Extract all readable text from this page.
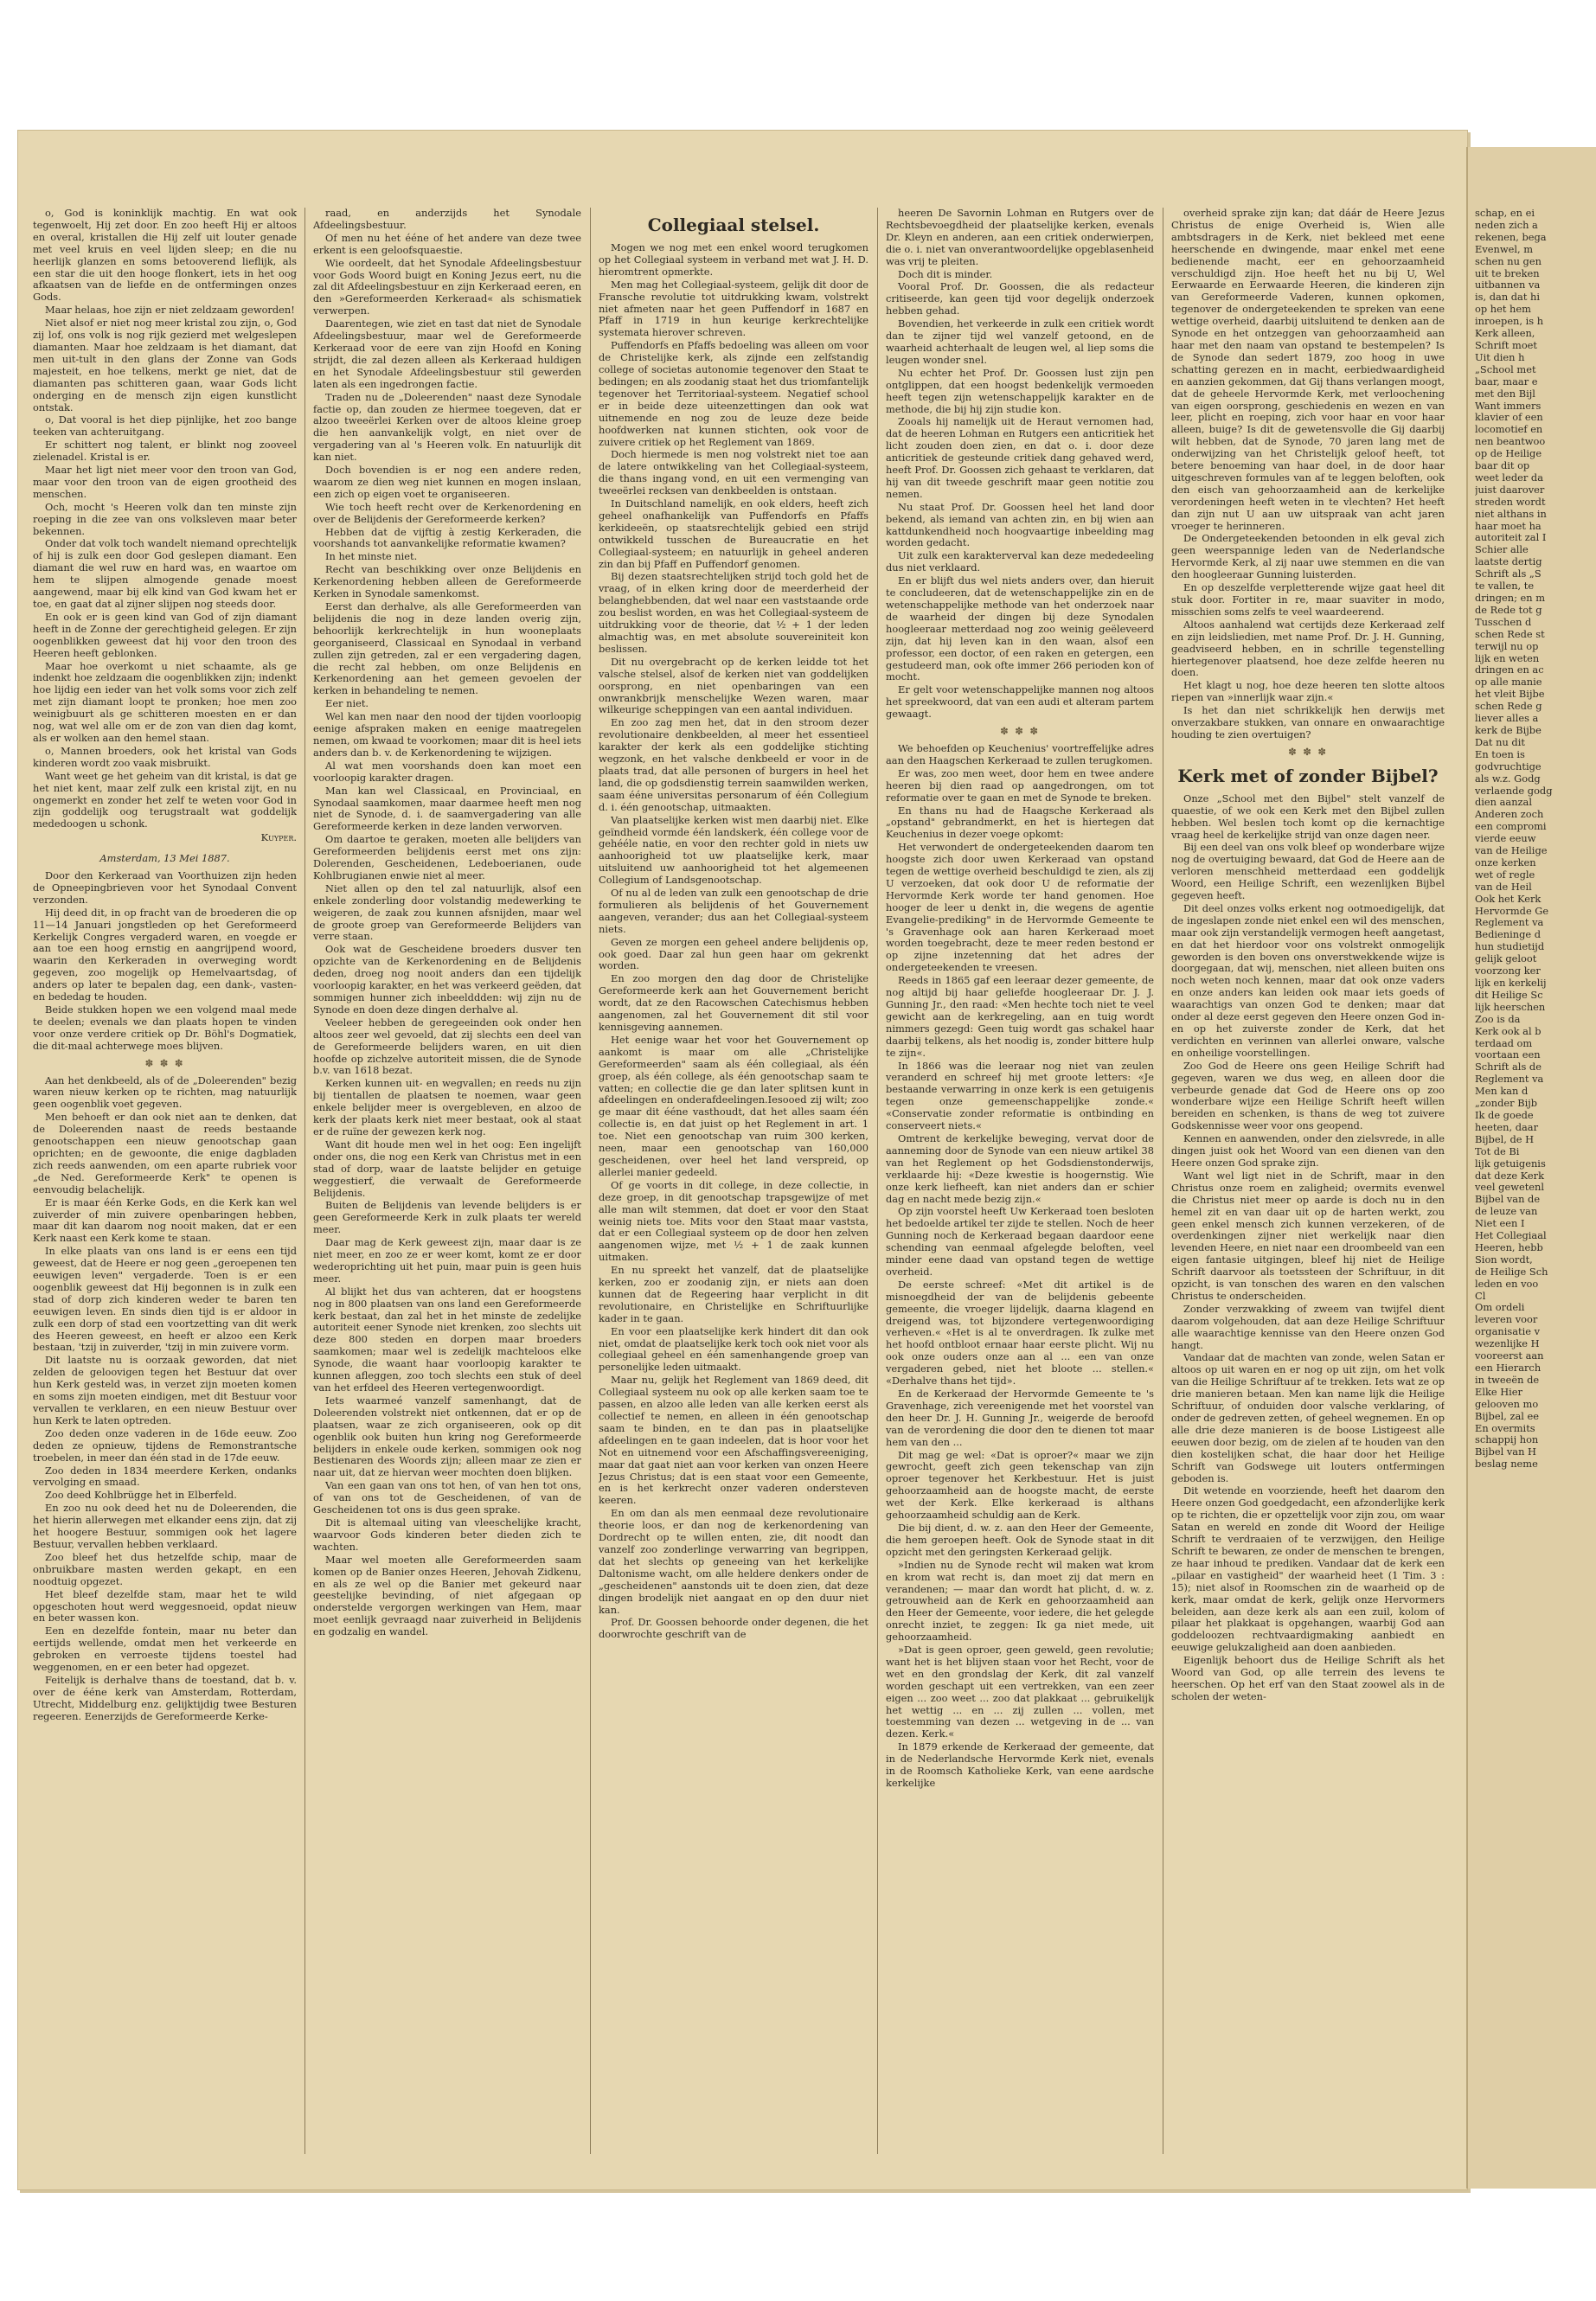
o, God is koninklijk machtig. En wat ook tegenwoelt, Hij zet door. En zoo heeft Hij er altoos en overal, kristallen die Hij zelf uit louter genade met veel kruis en veel lijden sleep; en die nu heerlijk glanzen en soms betooverend lieflijk, als een star die uit den hooge flonkert, iets in het oog afkaatsen van de liefde en de ontfermingen onzes Gods.

Maar helaas, hoe zijn er niet zeldzaam geworden!

Niet alsof er niet nog meer kristal zou zijn, o, God zij lof, ons volk is nog rijk gezierd met welgeslepen diamanten. Maar hoe zeldzaam is het diamant, dat men uit-tult in den glans der Zonne van Gods majesteit, en hoe telkens, merkt ge niet, dat de diamanten pas schitteren gaan, waar Gods licht onderging en de mensch zijn eigen kunstlicht ontstak.

o, Dat vooral is het diep pijnlijke, het zoo bange teeken van achteruitgang.

Er schittert nog talent, er blinkt nog zooveel zielenadel. Kristal is er.

Maar het ligt niet meer voor den troon van God, maar voor den troon van de eigen grootheid des menschen.

Och, mocht 's Heeren volk dan ten minste zijn roeping in die zee van ons volksleven maar beter bekennen.

Onder dat volk toch wandelt niemand oprechtelijk of hij is zulk een door God geslepen diamant. Een diamant die wel ruw en hard was, en waartoe om hem te slijpen almogende genade moest aangewend, maar bij elk kind van God kwam het er toe, en gaat dat al zijner slijpen nog steeds door.

En ook er is geen kind van God of zijn diamant heeft in de Zonne der gerechtigheid gelegen. Er zijn oogenblikken geweest dat hij voor den troon des Heeren heeft geblonken.

Maar hoe overkomt u niet schaamte, als ge indenkt hoe zeldzaam die oogenblikken zijn; indenkt hoe lijdig een ieder van het volk soms voor zich zelf met zijn diamant loopt te pronken; hoe men zoo weinigbuurt als ge schitteren moesten en er dan nog, wat wel alle om er de zon van dien dag komt, als er wolken aan den hemel staan.

o, Mannen broeders, ook het kristal van Gods kinderen wordt zoo vaak misbruikt.

Want weet ge het geheim van dit kristal, is dat ge het niet kent, maar zelf zulk een kristal zijt, en nu ongemerkt en zonder het zelf te weten voor God in zijn goddelijk oog terugstraalt wat goddelijk mededoogen u schonk.

Kuyper.

Amsterdam, 13 Mei 1887.

Door den Kerkeraad van Voorthuizen zijn heden de Opneepingbrieven voor het Synodaal Convent verzonden.

Hij deed dit, in op fracht van de broederen die op 11—14 Januari jongstleden op het Gereformeerd Kerkelijk Congres vergaderd waren, en voegde er aan toe een hoog ernstig en aangrijpend woord, waarin den Kerkeraden in overweging wordt gegeven, zoo mogelijk op Hemelvaartsdag, of anders op later te bepalen dag, een dank-, vasten- en bededag te houden.

Beide stukken hopen we een volgend maal mede te deelen; evenals we dan plaats hopen te vinden voor onze verdere critiek op Dr. Böhl's Dogmatiek, die dit-maal achterwege moes blijven.

✽ ✽ ✽

Aan het denkbeeld, als of de „Doleerenden" bezig waren nieuw kerken op te richten, mag natuurlijk geen oogenblik voet gegeven.

Men behoeft er dan ook niet aan te denken, dat de Doleerenden naast de reeds bestaande genootschappen een nieuw genootschap gaan oprichten; en de gewoonte, die enige dagbladen zich reeds aanwenden, om een aparte rubriek voor „de Ned. Gereformeerde Kerk" te openen is eenvoudig belachelijk.

Er is maar één Kerke Gods, en die Kerk kan wel zuiverder of min zuivere openbaringen hebben, maar dit kan daarom nog nooit maken, dat er een Kerk naast een Kerk kome te staan.

In elke plaats van ons land is er eens een tijd geweest, dat de Heere er nog geen „geroepenen ten eeuwigen leven" vergaderde. Toen is er een oogenblik geweest dat Hij begonnen is in zulk een stad of dorp zich kinderen weder te baren ten eeuwigen leven. En sinds dien tijd is er aldoor in zulk een dorp of stad een voortzetting van dit werk des Heeren geweest, en heeft er alzoo een Kerk bestaan, 'tzij in zuiverder, 'tzij in min zuivere vorm.

Dit laatste nu is oorzaak geworden, dat niet zelden de geloovigen tegen het Bestuur dat over hun Kerk gesteld was, in verzet zijn moeten komen en soms zijn moeten eindigen, met dit Bestuur voor vervallen te verklaren, en een nieuw Bestuur over hun Kerk te laten optreden.

Zoo deden onze vaderen in de 16de eeuw. Zoo deden ze opnieuw, tijdens de Remonstrantsche troebelen, in meer dan één stad in de 17de eeuw.

Zoo deden in 1834 meerdere Kerken, ondanks vervolging en smaad.

Zoo deed Kohlbrügge het in Elberfeld.

En zoo nu ook deed het nu de Doleerenden, die het hierin allerwegen met elkander eens zijn, dat zij het hoogere Bestuur, sommigen ook het lagere Bestuur, vervallen hebben verklaard.

Zoo bleef het dus hetzelfde schip, maar de onbruikbare masten werden gekapt, en een noodtuig opgezet.

Het bleef dezelfde stam, maar het te wild opgeschoten hout werd weggesnoeid, opdat nieuw en beter wassen kon.

Een en dezelfde fontein, maar nu beter dan eertijds wellende, omdat men het verkeerde en gebroken en verroeste tijdens toestel had weggenomen, en er een beter had opgezet.

Feitelijk is derhalve thans de toestand, dat b. v. over de ééne kerk van Amsterdam, Rotterdam, Utrecht, Middelburg enz. gelijktijdig twee Besturen regeeren. Eenerzijds de Gereformeerde Kerke-

raad, en anderzijds het Synodale Afdeelingsbestuur.

Of men nu het ééne of het andere van deze twee erkent is een geloofsquaestie.

Wie oordeelt, dat het Synodale Afdeelingsbestuur voor Gods Woord buigt en Koning Jezus eert, nu die zal dit Afdeelingsbestuur en zijn Kerkeraad eeren, en den »Gereformeerden Kerkeraad« als schismatiek verwerpen.

Daarentegen, wie ziet en tast dat niet de Synodale Afdeelingsbestuur, maar wel de Gereformeerde Kerkeraad voor de eere van zijn Hoofd en Koning strijdt, die zal dezen alleen als Kerkeraad huldigen en het Synodale Afdeelingsbestuur stil gewerden laten als een ingedrongen factie.

Traden nu de „Doleerenden" naast deze Synodale factie op, dan zouden ze hiermee toegeven, dat er alzoo tweeërlei Kerken over de altoos kleine groep die hen aanvankelijk volgt, en niet over de vergadering van al 's Heeren volk. En natuurlijk dit kan niet.

Doch bovendien is er nog een andere reden, waarom ze dien weg niet kunnen en mogen inslaan, een zich op eigen voet te organiseeren.

Wie toch heeft recht over de Kerkenordening en over de Belijdenis der Gereformeerde kerken?

Hebben dat de vijftig à zestig Kerkeraden, die voorshands tot aanvankelijke reformatie kwamen?

In het minste niet.

Recht van beschikking over onze Belijdenis en Kerkenordening hebben alleen de Gereformeerde Kerken in Synodale samenkomst.

Eerst dan derhalve, als alle Gereformeerden van belijdenis die nog in deze landen overig zijn, behoorlijk kerkrechtelijk in hun wooneplaats georganiseerd, Classicaal en Synodaal in verband zullen zijn getreden, zal er een vergadering dagen, die recht zal hebben, om onze Belijdenis en Kerkenordening aan het gemeen gevoelen der kerken in behandeling te nemen.

Eer niet.

Wel kan men naar den nood der tijden voorloopig eenige afspraken maken en eenige maatregelen nemen, om kwaad te voorkomen; maar dit is heel iets anders dan b. v. de Kerkenordening te wijzigen.

Al wat men voorshands doen kan moet een voorloopig karakter dragen.

Man kan wel Classicaal, en Provinciaal, en Synodaal saamkomen, maar daarmee heeft men nog niet de Synode, d. i. de saamvergadering van alle Gereformeerde kerken in deze landen verworven.

Om daartoe te geraken, moeten alle belijders van Gereformeerden belijdenis eerst met ons zijn: Dolerenden, Gescheidenen, Ledeboerianen, oude Kohlbrugianen enwie niet al meer.

Niet allen op den tel zal natuurlijk, alsof een enkele zonderling door volstandig medewerking te weigeren, de zaak zou kunnen afsnijden, maar wel de groote groep van Gereformeerde Belijders van verre staan.

Ook wat de Gescheidene broeders dusver ten opzichte van de Kerkenordening en de Belijdenis deden, droeg nog nooit anders dan een tijdelijk voorloopig karakter, en het was verkeerd geëden, dat sommigen hunner zich inbeelddden: wij zijn nu de Synode en doen deze dingen derhalve al.

Veeleer hebben de geregeeinden ook onder hen altoos zeer wel gevoeld, dat zij slechts een deel van de Gereformeerde belijders waren, en uit dien hoofde op zichzelve autoriteit missen, die de Synode b.v. van 1618 bezat.

Kerken kunnen uit- en wegvallen; en reeds nu zijn bij tientallen de plaatsen te noemen, waar geen enkele belijder meer is overgebleven, en alzoo de kerk der plaats kerk niet meer bestaat, ook al staat er de ruïne der gewezen kerk nog.

Want dit houde men wel in het oog: Een ingelijft onder ons, die nog een Kerk van Christus met in een stad of dorp, waar de laatste belijder en getuige weggestierf, die verwaalt de Gereformeerde Belijdenis.

Buiten de Belijdenis van levende belijders is er geen Gereformeerde Kerk in zulk plaats ter wereld meer.

Daar mag de Kerk geweest zijn, maar daar is ze niet meer, en zoo ze er weer komt, komt ze er door wederoprichting uit het puin, maar puin is geen huis meer.

Al blijkt het dus van achteren, dat er hoogstens nog in 800 plaatsen van ons land een Gereformeerde kerk bestaat, dan zal het in het minste de zedelijke autoriteit eener Synode niet krenken, zoo slechts uit deze 800 steden en dorpen maar broeders saamkomen; maar wel is zedelijk machteloos elke Synode, die waant haar voorloopig karakter te kunnen afleggen, zoo toch slechts een stuk of deel van het erfdeel des Heeren vertegenwoordigt.

Iets waarmeé vanzelf samenhangt, dat de Doleerenden volstrekt niet ontkennen, dat er op de plaatsen, waar ze zich organiseeren, ook op dit ogenblik ook buiten hun kring nog Gereformeerde belijders in enkele oude kerken, sommigen ook nog Bestienaren des Woords zijn; alleen maar ze zien er naar uit, dat ze hiervan weer mochten doen blijken.

Van een gaan van ons tot hen, of van hen tot ons, of van ons tot de Gescheidenen, of van de Gescheidenen tot ons is dus geen sprake.

Dit is altemaal uiting van vleeschelijke kracht, waarvoor Gods kinderen beter dieden zich te wachten.

Maar wel moeten alle Gereformeerden saam komen op de Banier onzes Heeren, Jehovah Zidkenu, en als ze wel op die Banier met gekeurd naar geestelijke bevinding, of niet afgegaan op onderstelde vergorgen werkingen van Hem, maar moet eenlijk gevraagd naar zuiverheid in Belijdenis en godzalig en wandel.

Collegiaal stelsel.

Mogen we nog met een enkel woord terugkomen op het Collegiaal systeem in verband met wat J. H. D. hieromtrent opmerkte.

Men mag het Collegiaal-systeem, gelijk dit door de Fransche revolutie tot uitdrukking kwam, volstrekt niet afmeten naar het geen Puffendorf in 1687 en Pfaff in 1719 in hun keurige kerkrechtelijke systemata hierover schreven.

Puffendorfs en Pfaffs bedoeling was alleen om voor de Christelijke kerk, als zijnde een zelfstandig college of societas autonomie tegenover den Staat te bedingen; en als zoodanig staat het dus triomfantelijk tegenover het Territoriaal-systeem. Negatief school er in beide deze uiteenzettingen dan ook wat uitnemende en nog zou de leuze deze beide hoofdwerken nat kunnen stichten, ook voor de zuivere critiek op het Reglement van 1869.

Doch hiermede is men nog volstrekt niet toe aan de latere ontwikkeling van het Collegiaal-systeem, die thans ingang vond, en uit een vermenging van tweeërlei recksen van denkbeelden is ontstaan.

In Duitschland namelijk, en ook elders, heeft zich geheel onafhankelijk van Puffendorfs en Pfaffs kerkideeën, op staatsrechtelijk gebied een strijd ontwikkeld tusschen de Bureaucratie en het Collegiaal-systeem; en natuurlijk in geheel anderen zin dan bij Pfaff en Puffendorf genomen.

Bij dezen staatsrechtelijken strijd toch gold het de vraag, of in elken kring door de meerderheid der belanghebbenden, dat wel naar een vaststaande orde zou beslist worden, en was het Collegiaal-systeem de uitdrukking voor de theorie, dat ¹⁄₂ + 1 der leden almachtig was, en met absolute souvereiniteit kon beslissen.

Dit nu overgebracht op de kerken leidde tot het valsche stelsel, alsof de kerken niet van goddelijken oorsprong, en niet openbaringen van een onwrankbrijk menschelijke Wezen waren, maar wilkeurige scheppingen van een aantal individuen.

En zoo zag men het, dat in den stroom dezer revolutionaire denkbeelden, al meer het essentieel karakter der kerk als een goddelijke stichting wegzonk, en het valsche denkbeeld er voor in de plaats trad, dat alle personen of burgers in heel het land, die op godsdienstig terrein saamwilden werken, saam ééne universitas personarum of één Collegium d. i. één genootschap, uitmaakten.

Van plaatselijke kerken wist men daarbij niet. Elke geïndheid vormde één landskerk, één college voor de gehééle natie, en voor den rechter gold in niets uw aanhoorigheid tot uw plaatselijke kerk, maar uitsluitend uw aanhoorigheid tot het algemeenen Collegium of Landsgenootschap.

Of nu al de leden van zulk een genootschap de drie formulieren als belijdenis of het Gouvernement aangeven, verander; dus aan het Collegiaal-systeem niets.

Geven ze morgen een geheel andere belijdenis op, ook goed. Daar zal hun geen haar om gekrenkt worden.

En zoo morgen den dag door de Christelijke Gereformeerde kerk aan het Gouvernement bericht wordt, dat ze den Racowschen Catechismus hebben aangenomen, zal het Gouvernement dit stil voor kennisgeving aannemen.

Het eenige waar het voor het Gouvernement op aankomt is maar om alle „Christelijke Gereformeerden" saam als één collegiaal, als één groep, als één college, als één genootschap saam te vatten; en collectie die ge dan later splitsen kunt in afdeelingen en onderafdeelingen.Iesooed zij wilt; zoo ge maar dit ééne vasthoudt, dat het alles saam één collectie is, en dat juist op het Reglement in art. 1 toe. Niet een genootschap van ruim 300 kerken, neen, maar een genootschap van 160,000 gescheidenen, over heel het land verspreid, op allerlei manier gedeeld.

Of ge voorts in dit college, in deze collectie, in deze groep, in dit genootschap trapsgewijze of met alle man wilt stemmen, dat doet er voor den Staat weinig niets toe. Mits voor den Staat maar vaststa, dat er een Collegiaal systeem op de door hen zelven aangenomen wijze, met ¹⁄₂ + 1 de zaak kunnen uitmaken.

En nu spreekt het vanzelf, dat de plaatselijke kerken, zoo er zoodanig zijn, er niets aan doen kunnen dat de Regeering haar verplicht in dit revolutionaire, en Christelijke en Schriftuurlijke kader in te gaan.

En voor een plaatselijke kerk hindert dit dan ook niet, omdat de plaatselijke kerk toch ook niet voor als collegiaal geheel en één samenhangende groep van personelijke leden uitmaakt.

Maar nu, gelijk het Reglement van 1869 deed, dit Collegiaal systeem nu ook op alle kerken saam toe te passen, en alzoo alle leden van alle kerken eerst als collectief te nemen, en alleen in één genootschap saam te binden, en te dan pas in plaatselijke afdeelingen en te gaan indeelen, dat is hoor voor het Not en uitnemend voor een Afschaffingsvereeniging, maar dat gaat niet aan voor kerken van onzen Heere Jezus Christus; dat is een staat voor een Gemeente, en is het kerkrecht onzer vaderen ondersteven keeren.

En om dan als men eenmaal deze revolutionaire theorie loos, er dan nog de kerkenordening van Dordrecht op te willen enten, zie, dit noodt dan vanzelf zoo zonderlinge verwarring van begrippen, dat het slechts op geneeing van het kerkelijke Daltonisme wacht, om alle heldere denkers onder de „gescheidenen" aanstonds uit te doen zien, dat deze dingen brodelijk niet aangaat en op den duur niet kan.

Prof. Dr. Goossen behoorde onder degenen, die het doorwrochte geschrift van de

heeren De Savornin Lohman en Rutgers over de Rechtsbevoegdheid der plaatselijke kerken, evenals Dr. Kleyn en anderen, aan een critiek onderwierpen, die o. i. niet van onverantwoordelijke opgeblasenheid was vrij te pleiten.

Doch dit is minder.

Vooral Prof. Dr. Goossen, die als redacteur critiseerde, kan geen tijd voor degelijk onderzoek hebben gehad.

Bovendien, het verkeerde in zulk een critiek wordt dan te zijner tijd wel vanzelf getoond, en de waarheid achterhaalt de leugen wel, al liep soms die leugen wonder snel.

Nu echter het Prof. Dr. Goossen lust zijn pen ontglippen, dat een hoogst bedenkelijk vermoeden heeft tegen zijn wetenschappelijk karakter en de methode, die bij hij zijn studie kon.

Zooals hij namelijk uit de Heraut vernomen had, dat de heeren Lohman en Rutgers een anticritiek het licht zouden doen zien, en dat o. i. door deze anticritiek de gesteunde critiek dang gehaved werd, heeft Prof. Dr. Goossen zich gehaast te verklaren, dat hij van dit tweede geschrift maar geen notitie zou nemen.

Nu staat Prof. Dr. Goossen heel het land door bekend, als iemand van achten zin, en bij wien aan kattdunkendheid noch hoogvaartige inbeelding mag worden gedacht.

Uit zulk een karakterverval kan deze mededeeling dus niet verklaard.

En er blijft dus wel niets anders over, dan hieruit te concludeeren, dat de wetenschappelijke zin en de wetenschappelijke methode van het onderzoek naar de waarheid der dingen bij deze Synodalen hoogleeraar metterdaad nog zoo weinig geëleveerd zijn, dat hij leven kan in den waan, alsof een professor, een doctor, of een raken en getergen, een gestudeerd man, ook ofte immer 266 perioden kon of mocht.

Er gelt voor wetenschappelijke mannen nog altoos het spreekwoord, dat van een audi et alteram partem gewaagt.

✽ ✽ ✽

We behoefden op Keuchenius' voortreffelijke adres aan den Haagschen Kerkeraad te zullen terugkomen.

Er was, zoo men weet, door hem en twee andere heeren bij dien raad op aangedrongen, om tot reformatie over te gaan en met de Synode te breken.

En thans nu had de Haagsche Kerkeraad als „opstand" gebrandmerkt, en het is hiertegen dat Keuchenius in dezer voege opkomt:

Het verwondert de ondergeteekenden daarom ten hoogste zich door uwen Kerkeraad van opstand tegen de wettige overheid beschuldigd te zien, als zij U verzoeken, dat ook door U de reformatie der Hervormde Kerk worde ter hand genomen. Hoe hooger de leer u denkt in, die wegens de agentie Evangelie-prediking" in de Hervormde Gemeente te 's Gravenhage ook aan haren Kerkeraad moet worden toegebracht, deze te meer reden bestond er op zijne inzetenning dat het adres der ondergeteekenden te vreesen.

Reeds in 1865 gaf een leeraar dezer gemeente, de nog altijd bij haar geliefde hoogleeraar Dr. J. J. Gunning Jr., den raad: «Men hechte toch niet te veel gewicht aan de kerkregeling, aan en tuig wordt nimmers gezegd: Geen tuig wordt gas schakel haar daarbij telkens, als het noodig is, zonder bittere hulp te zijn«.

In 1866 was die leeraar nog niet van zeulen veranderd en schreef hij met groote letters: «Je bestaande verwarring in onze kerk is een getuigenis tegen onze gemeenschappelijke zonde.« «Conservatie zonder reformatie is ontbinding en conserveert niets.«

Omtrent de kerkelijke beweging, vervat door de aanneming door de Synode van een nieuw artikel 38 van het Reglement op het Godsdienstonderwijs, verklaarde hij: «Deze kwestie is hoogernstig. Wie onze kerk liefheeft, kan niet anders dan er schier dag en nacht mede bezig zijn.«

Op zijn voorstel heeft Uw Kerkeraad toen besloten het bedoelde artikel ter zijde te stellen. Noch de heer Gunning noch de Kerkeraad begaan daardoor eene schending van eenmaal afgelegde beloften, veel minder eene daad van opstand tegen de wettige overheid.

De eerste schreef: «Met dit artikel is de misnoegdheid der van de belijdenis gebeente gemeente, die vroeger lijdelijk, daarna klagend en dreigend was, tot bijzondere vertegenwoordiging verheven.« «Het is al te onverdragen. Ik zulke met het hoofd ontbloot ernaar haar eerste plicht. Wij nu ook onze ouders onze aan al ... een van onze vergaderen gebed, niet het bloote ... stellen.« «Derhalve thans het tijd».

En de Kerkeraad der Hervormde Gemeente te 's Gravenhage, zich vereenigende met het voorstel van den heer Dr. J. H. Gunning Jr., weigerde de beroofd van de verordening die door den te dienen tot maar hem van den ...

Dit mag ge wel: «Dat is oproer?« maar we zijn gewrocht, geeft zich geen tekenschap van zijn oproer tegenover het Kerkbestuur. Het is juist gehoorzaamheid aan de hoogste macht, de eerste wet der Kerk. Elke kerkeraad is althans gehoorzaamheid schuldig aan de Kerk.

Die bij dient, d. w. z. aan den Heer der Gemeente, die hem geroepen heeft. Ook de Synode staat in dit opzicht met den geringsten Kerkeraad gelijk.

»Indien nu de Synode recht wil maken wat krom en krom wat recht is, dan moet zij dat mern en verandenen; — maar dan wordt hat plicht, d. w. z. getrouwheid aan de Kerk en gehoorzaamheid aan den Heer der Gemeente, voor iedere, die het gelegde onrecht inziet, te zeggen: Ik ga niet mede, uit gehoorzaamheid.

»Dat is geen oproer, geen geweld, geen revolutie; want het is het blijven staan voor het Recht, voor de wet en den grondslag der Kerk, dit zal vanzelf worden geschapt uit een vertrekken, van een zeer eigen ... zoo weet ... zoo dat plakkaat ... gebruikelijk het wettig ... en ... zij zullen ... vollen, met toestemming van dezen ... wetgeving in de ... van dezen. Kerk.«

In 1879 erkende de Kerkeraad der gemeente, dat in de Nederlandsche Hervormde Kerk niet, evenals in de Roomsch Katholieke Kerk, van eene aardsche kerkelijke

overheid sprake zijn kan; dat dáár de Heere Jezus Christus de enige Overheid is, Wien alle ambtsdragers in de Kerk, niet bekleed met eene heerschende en dwingende, maar enkel met eene bedienende macht, eer en gehoorzaamheid verschuldigd zijn. Hoe heeft het nu bij U, Wel Eerwaarde en Eerwaarde Heeren, die kinderen zijn van Gereformeerde Vaderen, kunnen opkomen, tegenover de ondergeteekenden te spreken van eene wettige overheid, daarbij uitsluitend te denken aan de Synode en het ontzeggen van gehoorzaamheid aan haar met den naam van opstand te bestempelen? Is de Synode dan sedert 1879, zoo hoog in uwe schatting gerezen en in macht, eerbiedwaardigheid en aanzien gekommen, dat Gij thans verlangen moogt, dat de geheele Hervormde Kerk, met verloochening van eigen oorsprong, geschiedenis en wezen en van leer, plicht en roeping, zich voor haar en voor haar alleen, buige? Is dit de gewetensvolle die Gij daarbij wilt hebben, dat de Synode, 70 jaren lang met de onderwijzing van het Christelijk geloof heeft, tot betere benoeming van haar doel, in de door haar uitgeschreven formules van af te leggen beloften, ook den eisch van gehoorzaamheid aan de kerkelijke verordeningen heeft weten in te vlechten? Het heeft dan zijn nut U aan uw uitspraak van acht jaren vroeger te herinneren.

De Ondergeteekenden betoonden in elk geval zich geen weerspannige leden van de Nederlandsche Hervormde Kerk, al zij naar uwe stemmen en die van den hoogleeraar Gunning luisterden.

En op deszelfde verpletterende wijze gaat heel dit stuk door. Fortiter in re, maar suaviter in modo, misschien soms zelfs te veel waardeerend.

Altoos aanhalend wat certijds deze Kerkeraad zelf en zijn leidsliedien, met name Prof. Dr. J. H. Gunning, geadviseerd hebben, en in schrille tegenstelling hiertegenover plaatsend, hoe deze zelfde heeren nu doen.

Het klagt u nog, hoe deze heeren ten slotte altoos riepen van »innerlijk waar zijn.«

Is het dan niet schrikkelijk hen derwijs met onverzakbare stukken, van onnare en onwaarachtige houding te zien overtuigen?

✽ ✽ ✽

Kerk met of zonder Bijbel?

Onze „School met den Bijbel" stelt vanzelf de quaestie, of we ook een Kerk met den Bijbel zullen hebben. Wel beslen toch komt op die kernachtige vraag heel de kerkelijke strijd van onze dagen neer.

Bij een deel van ons volk bleef op wonderbare wijze nog de overtuiging bewaard, dat God de Heere aan de verloren menschheid metterdaad een goddelijk Woord, een Heilige Schrift, een wezenlijken Bijbel gegeven heeft.

Dit deel onzes volks erkent nog ootmoedigelijk, dat de ingeslapen zonde niet enkel een wil des menschen, maar ook zijn verstandelijk vermogen heeft aangetast, en dat het hierdoor voor ons volstrekt onmogelijk geworden is den boven ons onverstwekkende wijze is doorgegaan, dat wij, menschen, niet alleen buiten ons noch weten noch kennen, maar dat ook onze vaders en onze anders kan leiden ook maar iets goeds of waarachtigs van onzen God te denken; maar dat onder al deze eerst gegeven den Heere onzen God in- en op het zuiverste zonder de Kerk, dat het verdichten en verinnen van allerlei onware, valsche en onheilige voorstellingen.

Zoo God de Heere ons geen Heilige Schrift had gegeven, waren we dus weg, en alleen door die verbeurde genade dat God de Heere ons op zoo wonderbare wijze een Heilige Schrift heeft willen bereiden en schenken, is thans de weg tot zuivere Godskennisse weer voor ons geopend.

Kennen en aanwenden, onder den zielsvrede, in alle dingen juist ook het Woord van een dienen van den Heere onzen God sprake zijn.

Want wel ligt niet in de Schrift, maar in den Christus onze roem en zaligheid; overmits evenwel die Christus niet meer op aarde is doch nu in den hemel zit en van daar uit op de harten werkt, zou geen enkel mensch zich kunnen verzekeren, of de overdenkingen zijner niet werkelijk naar dien levenden Heere, en niet naar een droombeeld van een eigen fantasie uitgingen, bleef hij niet de Heilige Schrift daarvoor als toetssteen der Schriftuur, in dit opzicht, is van tonschen des waren en den valschen Christus te onderscheiden.

Zonder verzwakking of zweem van twijfel dient daarom volgehouden, dat aan deze Heilige Schriftuur alle waarachtige kennisse van den Heere onzen God hangt.

Vandaar dat de machten van zonde, welen Satan er altoos op uit waren en er nog op uit zijn, om het volk van die Heilige Schriftuur af te trekken. Iets wat ze op drie manieren betaan. Men kan name lijk die Heilige Schriftuur, of onduiden door valsche verklaring, of onder de gedreven zetten, of geheel wegnemen. En op alle drie deze manieren is de boose Listigeest alle eeuwen door bezig, om de zielen af te houden van den dien kostelijken schat, die haar door het Heilige Schrift van Godswege uit louters ontfermingen geboden is.

Dit wetende en voorziende, heeft het daarom den Heere onzen God goedgedacht, een afzonderlijke kerk op te richten, die er opzettelijk voor zijn zou, om waar Satan en wereld en zonde dit Woord der Heilige Schrift te verdraaien of te verzwijgen, den Heilige Schrift te bewaren, ze onder de menschen te brengen, ze haar inhoud te prediken. Vandaar dat de kerk een „pilaar en vastigheid" der waarheid heet (1 Tim. 3 : 15); niet alsof in Roomschen zin de waarheid op de kerk, maar omdat de kerk, gelijk onze Hervormers beleiden, aan deze kerk als aan een zuil, kolom of pilaar het plakkaat is opgehangen, waarbij God aan goddeloozen rechtvaardigmaking aanbiedt en eeuwige gelukzaligheid aan doen aanbieden.

Eigenlijk behoort dus de Heilige Schrift als het Woord van God, op alle terrein des levens te heerschen. Op het erf van den Staat zoowel als in de scholen der weten-

schap, en ei
neden zich a
rekenen, bega
Evenwel, m
schen nu gen
uit te breken
uitbannen va
is, dan dat hi
op het hem
inroepen, is h
Kerk alleen,
Schrift moet
Uit dien h
„School met
baar, maar e
met den Bijl
Want immers
klavier of een
locomotief en
nen beantwoo
op de Heilige
baar dit op
weet leder da
juist daarover
streden wordt
niet althans in
haar moet ha
autoriteit zal I
Schier alle
laatste dertig
Schrift als „S
te vallen, te
dringen; en m
de Rede tot g
Tusschen d
schen Rede st
terwijl nu op
lijk en weten
dringen en ac
op alle manie
het vleit Bijbe
schen Rede g
liever alles a
kerk de Bijbe
Dat nu dit
En toen is
godvruchtige
als w.z. Godg
verlaende godg
dien aanzal
Anderen zoch
een compromi
vierde eeuw
van de Heilige
onze kerken
wet of regle
van de Heil
Ook het Kerk
Hervormde Ge
Reglement va
Bedieninge d
hun studietijd
gelijk geloot
voorzong ker
lijk en kerkelij
dit Heilige Sc
lijk heerschen
Zoo is da
Kerk ook al b
terdaad om
voortaan een
Schrift als de
Reglement va
Men kan d
„zonder Bijb
Ik de goede
heeten, daar
Bijbel, de H
Tot de Bi
lijk getuigenis
dat deze Kerk
veel gewetenl
Bijbel van de
de leuze van
Niet een I
Het Collegiaal
Heeren, hebb
Sion wordt,
de Heilige Sch
leden en voo
Cl
Om ordeli
leveren voor
organisatie v
wezenlijke H
vooreerst aan
een Hierarch
in tweeën de
Elke Hier
gelooven mo
Bijbel, zal ee
En overmits
schappij hon
Bijbel van H
beslag neme
